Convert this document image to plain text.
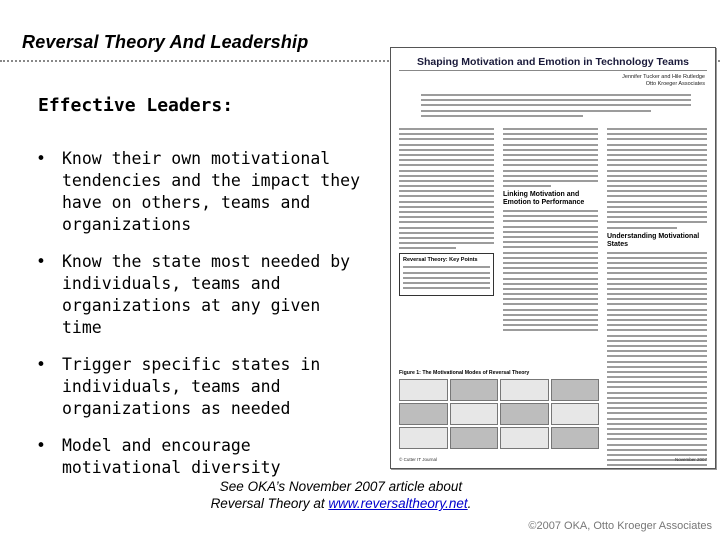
Reversal Theory And Leadership
Effective Leaders:
• Know their own motivational tendencies and the impact they have on others, teams and organizations
• Know the state most needed by individuals, teams and organizations at any given time
• Trigger specific states in individuals, teams and organizations as needed
• Model and encourage motivational diversity
Shaping Motivation and Emotion in Technology Teams
Jennifer Tucker and Hile Rutledge
Otto Kroeger Associates
Reversal Theory: Key Points
Linking Motivation and Emotion to Performance
Understanding Motivational States
Figure 1: The Motivational Modes of Reversal Theory
© Cutter IT Journal	November 2007
See OKA’s November 2007 article about
Reversal Theory at www.reversaltheory.net.
©2007 OKA, Otto Kroeger Associates
